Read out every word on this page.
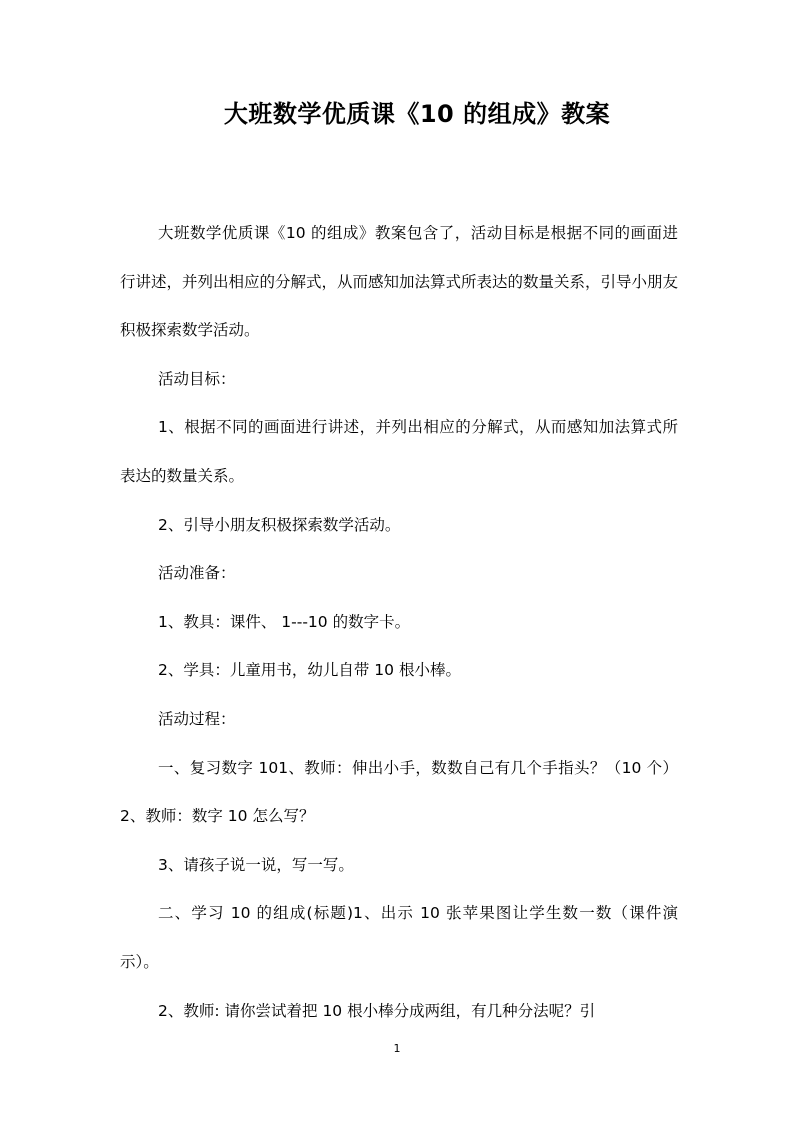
大班数学优质课《10 的组成》教案

大班数学优质课《10 的组成》教案包含了，活动目标是根据不同的画面进行讲述，并列出相应的分解式，从而感知加法算式所表达的数量关系，引导小朋友积极探索数学活动。

活动目标：

1、根据不同的画面进行讲述，并列出相应的分解式，从而感知加法算式所表达的数量关系。

2、引导小朋友积极探索数学活动。

活动准备：

1、教具：课件、 1---10 的数字卡。

2、学具：儿童用书，幼儿自带 10 根小棒。

活动过程：

一、复习数字 101、教师：伸出小手，数数自己有几个手指头？（10 个）2、教师：数字 10 怎么写？

3、请孩子说一说，写一写。

二、学习 10 的组成(标题)1、出示 10 张苹果图让学生数一数（课件演示）。

2、教师: 请你尝试着把 10 根小棒分成两组，有几种分法呢？引

1
